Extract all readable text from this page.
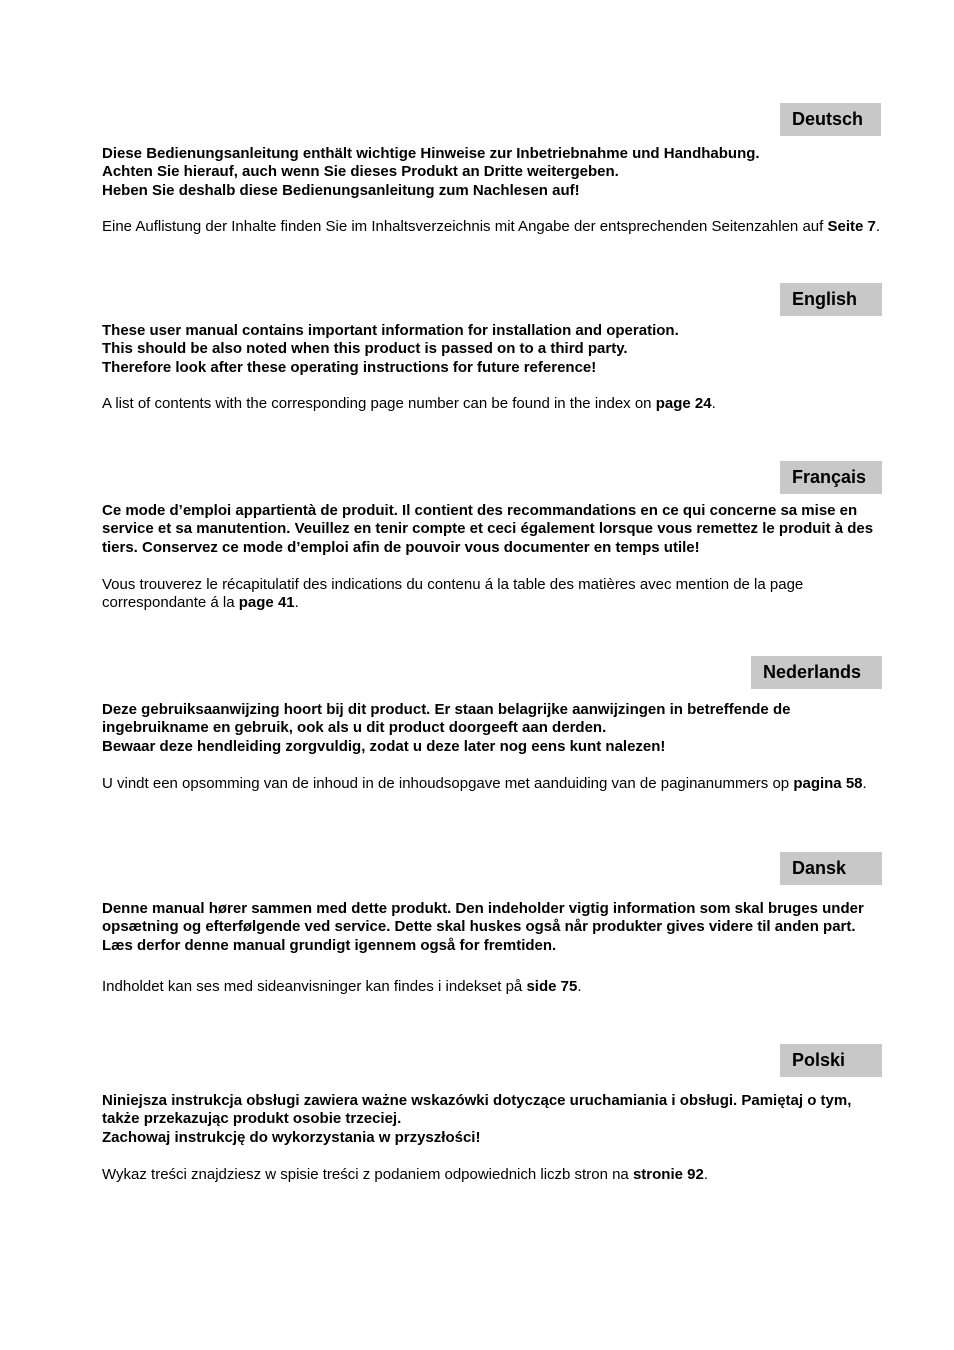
Deutsch
Diese Bedienungsanleitung enthält wichtige Hinweise zur Inbetriebnahme und Handhabung.
Achten Sie hierauf, auch wenn Sie dieses Produkt an Dritte weitergeben.
Heben Sie deshalb diese Bedienungsanleitung zum Nachlesen auf!

Eine Auflistung der Inhalte finden Sie im Inhaltsverzeichnis mit Angabe der entsprechenden Seitenzahlen auf Seite 7.

English
These user manual contains important information for installation and operation.
This should be also noted when this product is passed on to a third party.
Therefore look after these operating instructions for future reference!

A list of contents with the corresponding page number can be found in the index on page 24.

Français
Ce mode d’emploi appartientà de produit. Il contient des recommandations en ce qui concerne sa mise en service et sa manutention. Veuillez en tenir compte et ceci également lorsque vous remettez le produit à des tiers. Conservez ce mode d’emploi afin de pouvoir vous documenter en temps utile!

Vous trouverez le récapitulatif des indications du contenu á la table des matières avec mention de la page correspondante á la page 41.

Nederlands
Deze gebruiksaanwijzing hoort bij dit product. Er staan belagrijke aanwijzingen in betreffende de ingebruikname en gebruik, ook als u dit product doorgeeft aan derden.
Bewaar deze hendleiding zorgvuldig, zodat u deze later nog eens kunt nalezen!

U vindt een opsomming van de inhoud in de inhoudsopgave met aanduiding van de paginanummers op pagina 58.

Dansk
Denne manual hører sammen med dette produkt. Den indeholder vigtig information som skal bruges under opsætning og efterfølgende ved service. Dette skal huskes også når produkter gives videre til anden part. Læs derfor denne manual grundigt igennem også for fremtiden.

Indholdet kan ses med sideanvisninger kan findes i indekset på side 75.

Polski
Niniejsza instrukcja obsługi zawiera ważne wskazówki dotyczące uruchamiania i obsługi. Pamiętaj o tym, także przekazując produkt osobie trzeciej.
Zachowaj instrukcję do wykorzystania w przyszłości!

Wykaz treści znajdziesz w spisie treści z podaniem odpowiednich liczb stron na stronie 92.
